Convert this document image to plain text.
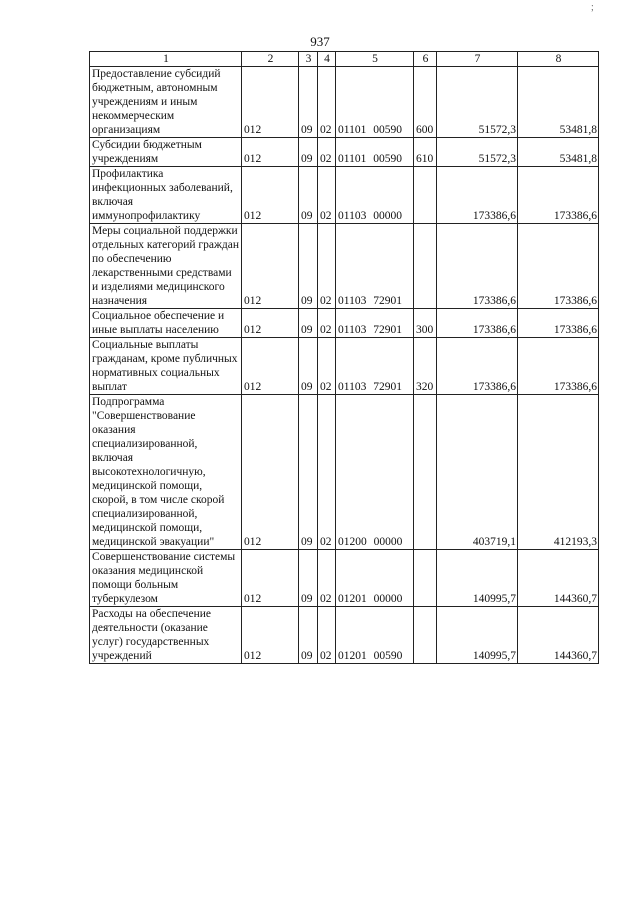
937
;
1	2	3	4	5	6	7	8
Предоставление субсидий бюджетным, автономным учреждениям и иным некоммерческим организациям	012	09	02	01101 00590	600	51572,3	53481,8
Субсидии бюджетным учреждениям	012	09	02	01101 00590	610	51572,3	53481,8
Профилактика инфекционных заболеваний, включая иммунопрофилактику	012	09	02	01103 00000		173386,6	173386,6
Меры социальной поддержки отдельных категорий граждан по обеспечению лекарственными средствами и изделиями медицинского назначения	012	09	02	01103 72901		173386,6	173386,6
Социальное обеспечение и иные выплаты населению	012	09	02	01103 72901	300	173386,6	173386,6
Социальные выплаты гражданам, кроме публичных нормативных социальных выплат	012	09	02	01103 72901	320	173386,6	173386,6
Подпрограмма "Совершенствование оказания специализированной, включая высокотехнологичную, медицинской помощи, скорой, в том числе скорой специализированной, медицинской помощи, медицинской эвакуации"	012	09	02	01200 00000		403719,1	412193,3
Совершенствование системы оказания медицинской помощи больным туберкулезом	012	09	02	01201 00000		140995,7	144360,7
Расходы на обеспечение деятельности (оказание услуг) государственных учреждений	012	09	02	01201 00590		140995,7	144360,7
